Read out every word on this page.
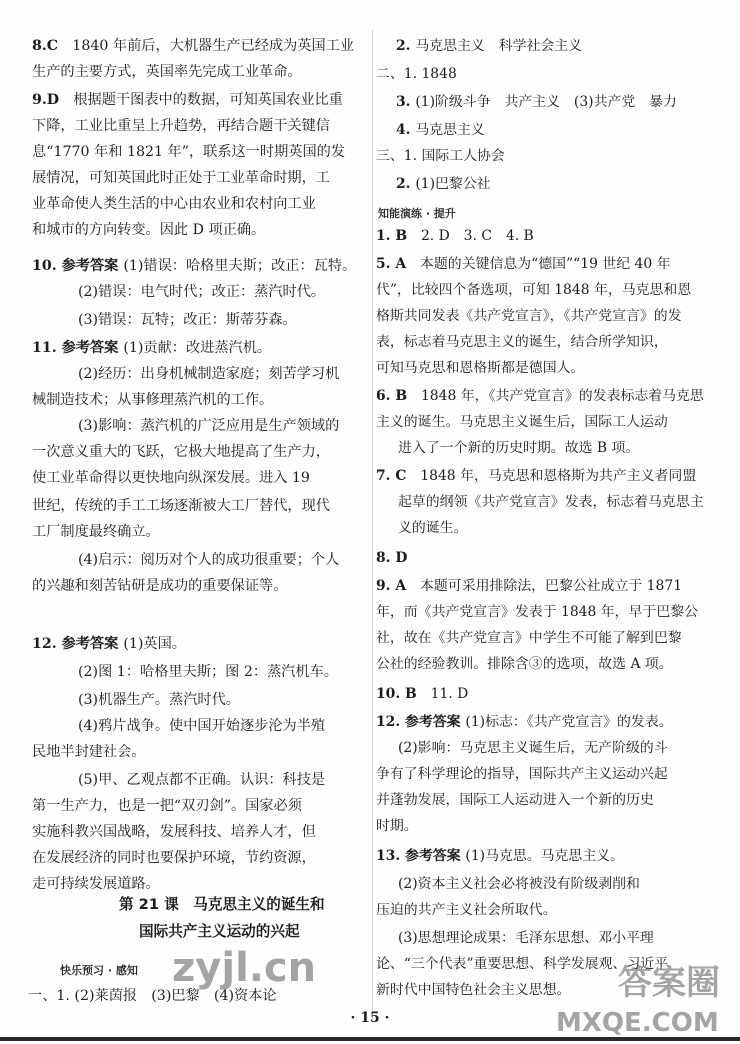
8.C　1840 年前后，大机器生产已经成为英国工业
生产的主要方式，英国率先完成工业革命。
9.D　根据题干图表中的数据，可知英国农业比重
下降，工业比重呈上升趋势，再结合题干关键信
息“1770 年和 1821 年”，联系这一时期英国的发
展情况，可知英国此时正处于工业革命时期，工
业革命使人类生活的中心由农业和农村向工业
和城市的方向转变。因此 D 项正确。
10. 参考答案 (1)错误：哈格里夫斯；改正：瓦特。
(2)错误：电气时代；改正：蒸汽时代。
(3)错误：瓦特；改正：斯蒂芬森。
11. 参考答案 (1)贡献：改进蒸汽机。
(2)经历：出身机械制造家庭；刻苦学习机
械制造技术；从事修理蒸汽机的工作。
(3)影响：蒸汽机的广泛应用是生产领域的
一次意义重大的飞跃，它极大地提高了生产力，
使工业革命得以更快地向纵深发展。进入 19
世纪，传统的手工工场逐渐被大工厂替代，现代
工厂制度最终确立。
(4)启示：阅历对个人的成功很重要；个人
的兴趣和刻苦钻研是成功的重要保证等。
12. 参考答案 (1)英国。
(2)图 1：哈格里夫斯；图 2：蒸汽机车。
(3)机器生产。蒸汽时代。
(4)鸦片战争。使中国开始逐步沦为半殖
民地半封建社会。
(5)甲、乙观点都不正确。认识：科技是
第一生产力，也是一把“双刃剑”。国家必须
实施科教兴国战略，发展科技、培养人才，但
在发展经济的同时也要保护环境，节约资源，
走可持续发展道路。
2. 马克思主义　科学社会主义
二、1. 1848
3. (1)阶级斗争　共产主义　(3)共产党　暴力
4. 马克思主义
三、1. 国际工人协会
2. (1)巴黎公社
1. B　2. D　3. C　4. B
5. A　本题的关键信息为“德国”“19 世纪 40 年
代”，比较四个备选项，可知 1848 年，马克思和恩
格斯共同发表《共产党宣言》，《共产党宣言》的发
表，标志着马克思主义的诞生，结合所学知识，
可知马克思和恩格斯都是德国人。
6. B　1848 年，《共产党宣言》的发表标志着马克思
主义的诞生。马克思主义诞生后，国际工人运动
进入了一个新的历史时期。故选 B 项。
7. C　1848 年，马克思和恩格斯为共产主义者同盟
起草的纲领《共产党宣言》发表，标志着马克思主
义的诞生。
8. D
9. A　本题可采用排除法，巴黎公社成立于 1871
年，而《共产党宣言》发表于 1848 年，早于巴黎公
社，故在《共产党宣言》中学生不可能了解到巴黎
公社的经验教训。排除含③的选项，故选 A 项。
10. B　11. D
12. 参考答案 (1)标志：《共产党宣言》的发表。
(2)影响：马克思主义诞生后，无产阶级的斗
争有了科学理论的指导，国际共产主义运动兴起
并蓬勃发展，国际工人运动进入一个新的历史
时期。
13. 参考答案 (1)马克思。马克思主义。
(2)资本主义社会必将被没有阶级剥削和
压迫的共产主义社会所取代。
(3)思想理论成果：毛泽东思想、邓小平理
论、“三个代表”重要思想、科学发展观、习近平
新时代中国特色社会主义思想。
第 21 课　马克思主义的诞生和
国际共产主义运动的兴起
快乐预习 · 感知
知能演练 · 提升
· 15 ·
zyjl.cn	答案圈
MXQE.COM
一、1. (2)莱茵报　(3)巴黎　(4)资本论
